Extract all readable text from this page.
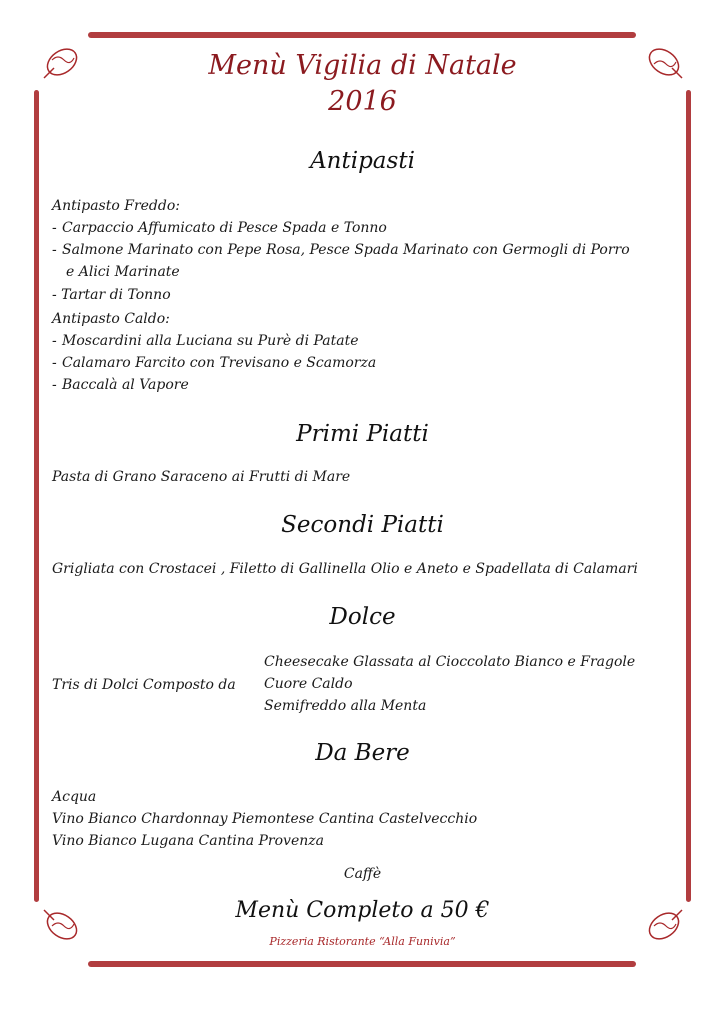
Menù Vigilia di Natale
2016
Antipasti
Antipasto Freddo:
- Carpaccio Affumicato di Pesce Spada e Tonno
- Salmone Marinato con Pepe Rosa, Pesce Spada Marinato con Germogli di Porro
e Alici Marinate
- Tartar di Tonno
Antipasto Caldo:
- Moscardini alla Luciana su Purè di Patate
- Calamaro Farcito con Trevisano e Scamorza
- Baccalà al Vapore
Primi Piatti
Pasta di Grano Saraceno ai Frutti di Mare
Secondi Piatti
Grigliata con Crostacei , Filetto di Gallinella Olio e Aneto e Spadellata di Calamari
Dolce
Tris di Dolci Composto da
Cheesecake Glassata al Cioccolato Bianco e Fragole
Cuore Caldo
Semifreddo alla Menta
Da Bere
Acqua
Vino Bianco Chardonnay Piemontese Cantina Castelvecchio
Vino Bianco Lugana Cantina Provenza
Caffè
Menù Completo a 50 €
Pizzeria Ristorante “Alla Funivia”
